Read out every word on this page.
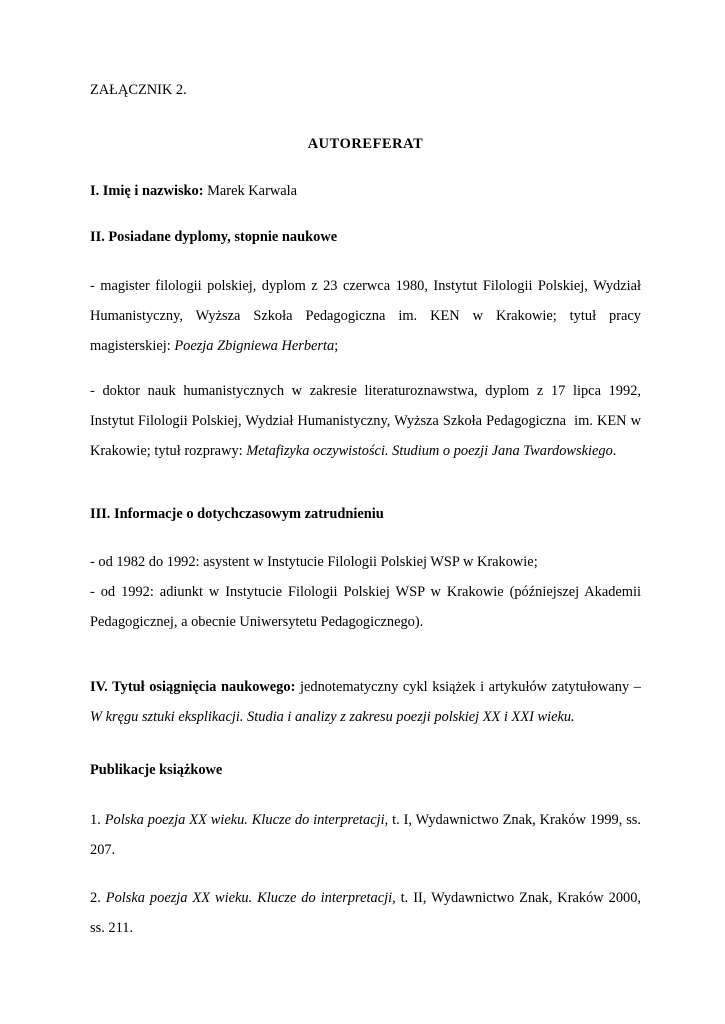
ZAŁĄCZNIK 2.

AUTOREFERAT

I. Imię i nazwisko: Marek Karwala

II. Posiadane dyplomy, stopnie naukowe

- magister filologii polskiej, dyplom z 23 czerwca 1980, Instytut Filologii Polskiej, Wydział Humanistyczny, Wyższa Szkoła Pedagogiczna im. KEN w Krakowie; tytuł pracy magisterskiej: Poezja Zbigniewa Herberta;

- doktor nauk humanistycznych w zakresie literaturoznawstwa, dyplom z 17 lipca 1992, Instytut Filologii Polskiej, Wydział Humanistyczny, Wyższa Szkoła Pedagogiczna  im. KEN w Krakowie; tytuł rozprawy: Metafizyka oczywistości. Studium o poezji Jana Twardowskiego.

III. Informacje o dotychczasowym zatrudnieniu

- od 1982 do 1992: asystent w Instytucie Filologii Polskiej WSP w Krakowie;

- od 1992: adiunkt w Instytucie Filologii Polskiej WSP w Krakowie (późniejszej Akademii Pedagogicznej, a obecnie Uniwersytetu Pedagogicznego).

IV. Tytuł osiągnięcia naukowego: jednotematyczny cykl książek i artykułów zatytułowany – W kręgu sztuki eksplikacji. Studia i analizy z zakresu poezji polskiej XX i XXI wieku.

Publikacje książkowe

1. Polska poezja XX wieku. Klucze do interpretacji, t. I, Wydawnictwo Znak, Kraków 1999, ss. 207.

2. Polska poezja XX wieku. Klucze do interpretacji, t. II, Wydawnictwo Znak, Kraków 2000, ss. 211.
